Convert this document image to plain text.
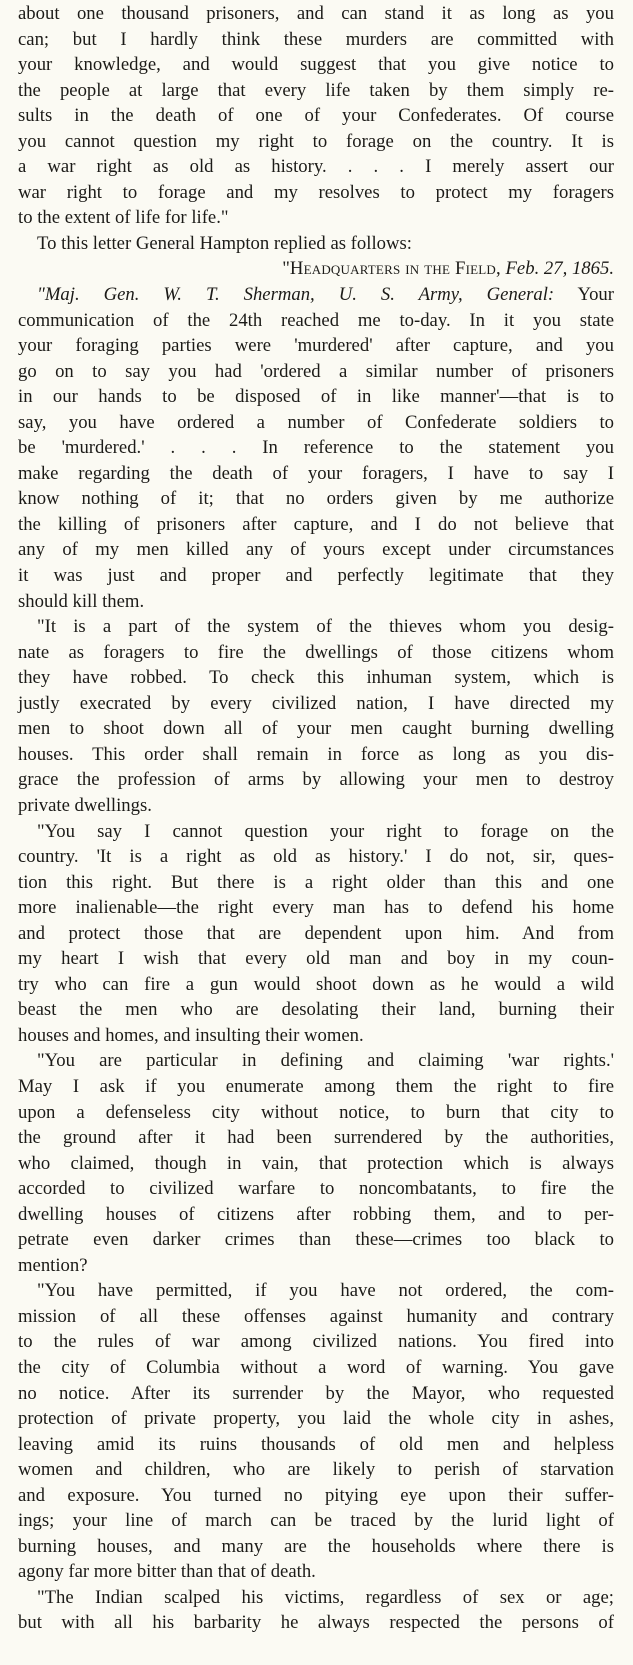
about one thousand prisoners, and can stand it as long as you
can; but I hardly think these murders are committed with
your knowledge, and would suggest that you give notice to
the people at large that every life taken by them simply re-
sults in the death of one of your Confederates. Of course
you cannot question my right to forage on the country. It is
a war right as old as history. . . . I merely assert our
war right to forage and my resolves to protect my foragers
to the extent of life for life."
To this letter General Hampton replied as follows:
"Headquarters in the Field, Feb. 27, 1865.
"Maj. Gen. W. T. Sherman, U. S. Army, General: Your
communication of the 24th reached me to-day. In it you state
your foraging parties were 'murdered' after capture, and you
go on to say you had 'ordered a similar number of prisoners
in our hands to be disposed of in like manner'—that is to
say, you have ordered a number of Confederate soldiers to
be 'murdered.' . . . In reference to the statement you
make regarding the death of your foragers, I have to say I
know nothing of it; that no orders given by me authorize
the killing of prisoners after capture, and I do not believe that
any of my men killed any of yours except under circumstances
it was just and proper and perfectly legitimate that they
should kill them.
"It is a part of the system of the thieves whom you desig-
nate as foragers to fire the dwellings of those citizens whom
they have robbed. To check this inhuman system, which is
justly execrated by every civilized nation, I have directed my
men to shoot down all of your men caught burning dwelling
houses. This order shall remain in force as long as you dis-
grace the profession of arms by allowing your men to destroy
private dwellings.
"You say I cannot question your right to forage on the
country. 'It is a right as old as history.' I do not, sir, ques-
tion this right. But there is a right older than this and one
more inalienable—the right every man has to defend his home
and protect those that are dependent upon him. And from
my heart I wish that every old man and boy in my coun-
try who can fire a gun would shoot down as he would a wild
beast the men who are desolating their land, burning their
houses and homes, and insulting their women.
"You are particular in defining and claiming 'war rights.'
May I ask if you enumerate among them the right to fire
upon a defenseless city without notice, to burn that city to
the ground after it had been surrendered by the authorities,
who claimed, though in vain, that protection which is always
accorded to civilized warfare to noncombatants, to fire the
dwelling houses of citizens after robbing them, and to per-
petrate even darker crimes than these—crimes too black to
mention?
"You have permitted, if you have not ordered, the com-
mission of all these offenses against humanity and contrary
to the rules of war among civilized nations. You fired into
the city of Columbia without a word of warning. You gave
no notice. After its surrender by the Mayor, who requested
protection of private property, you laid the whole city in ashes,
leaving amid its ruins thousands of old men and helpless
women and children, who are likely to perish of starvation
and exposure. You turned no pitying eye upon their suffer-
ings; your line of march can be traced by the lurid light of
burning houses, and many are the households where there is
agony far more bitter than that of death.
"The Indian scalped his victims, regardless of sex or age;
but with all his barbarity he always respected the persons of
